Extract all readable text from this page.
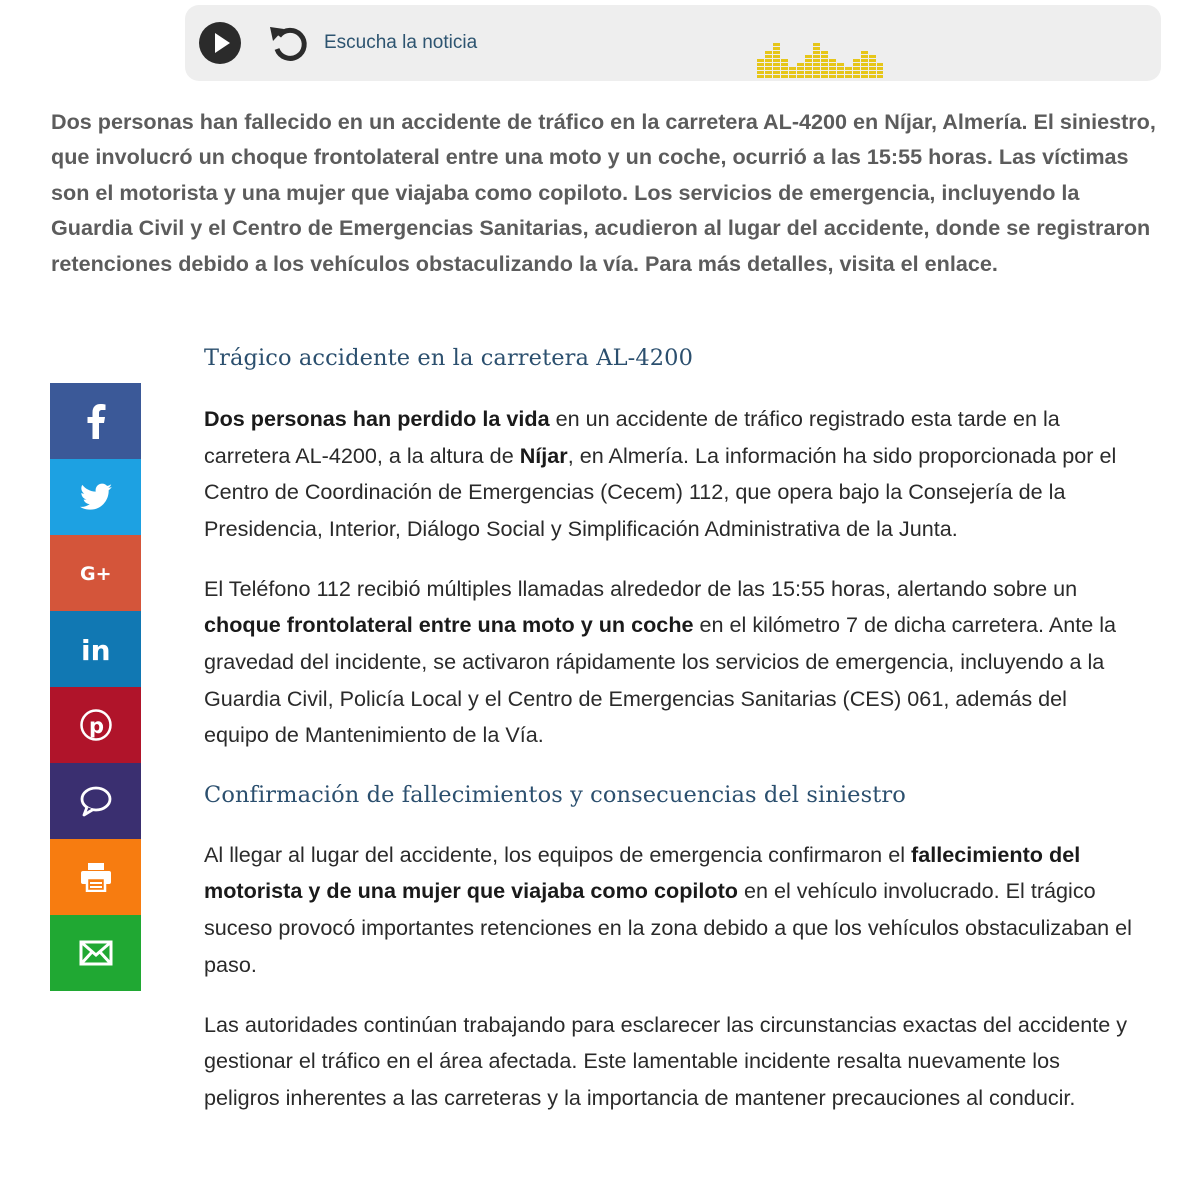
Escucha la noticia

Dos personas han fallecido en un accidente de tráfico en la carretera AL-4200 en Níjar, Almería. El siniestro, que involucró un choque frontolateral entre una moto y un coche, ocurrió a las 15:55 horas. Las víctimas son el motorista y una mujer que viajaba como copiloto. Los servicios de emergencia, incluyendo la Guardia Civil y el Centro de Emergencias Sanitarias, acudieron al lugar del accidente, donde se registraron retenciones debido a los vehículos obstaculizando la vía. Para más detalles, visita el enlace.

G+
in
p
Trágico accidente en la carretera AL-4200

Dos personas han perdido la vida en un accidente de tráfico registrado esta tarde en la carretera AL-4200, a la altura de Níjar, en Almería. La información ha sido proporcionada por el Centro de Coordinación de Emergencias (Cecem) 112, que opera bajo la Consejería de la Presidencia, Interior, Diálogo Social y Simplificación Administrativa de la Junta.

El Teléfono 112 recibió múltiples llamadas alrededor de las 15:55 horas, alertando sobre un choque frontolateral entre una moto y un coche en el kilómetro 7 de dicha carretera. Ante la gravedad del incidente, se activaron rápidamente los servicios de emergencia, incluyendo a la Guardia Civil, Policía Local y el Centro de Emergencias Sanitarias (CES) 061, además del equipo de Mantenimiento de la Vía.

Confirmación de fallecimientos y consecuencias del siniestro

Al llegar al lugar del accidente, los equipos de emergencia confirmaron el fallecimiento del motorista y de una mujer que viajaba como copiloto en el vehículo involucrado. El trágico suceso provocó importantes retenciones en la zona debido a que los vehículos obstaculizaban el paso.

Las autoridades continúan trabajando para esclarecer las circunstancias exactas del accidente y gestionar el tráfico en el área afectada. Este lamentable incidente resalta nuevamente los peligros inherentes a las carreteras y la importancia de mantener precauciones al conducir.
